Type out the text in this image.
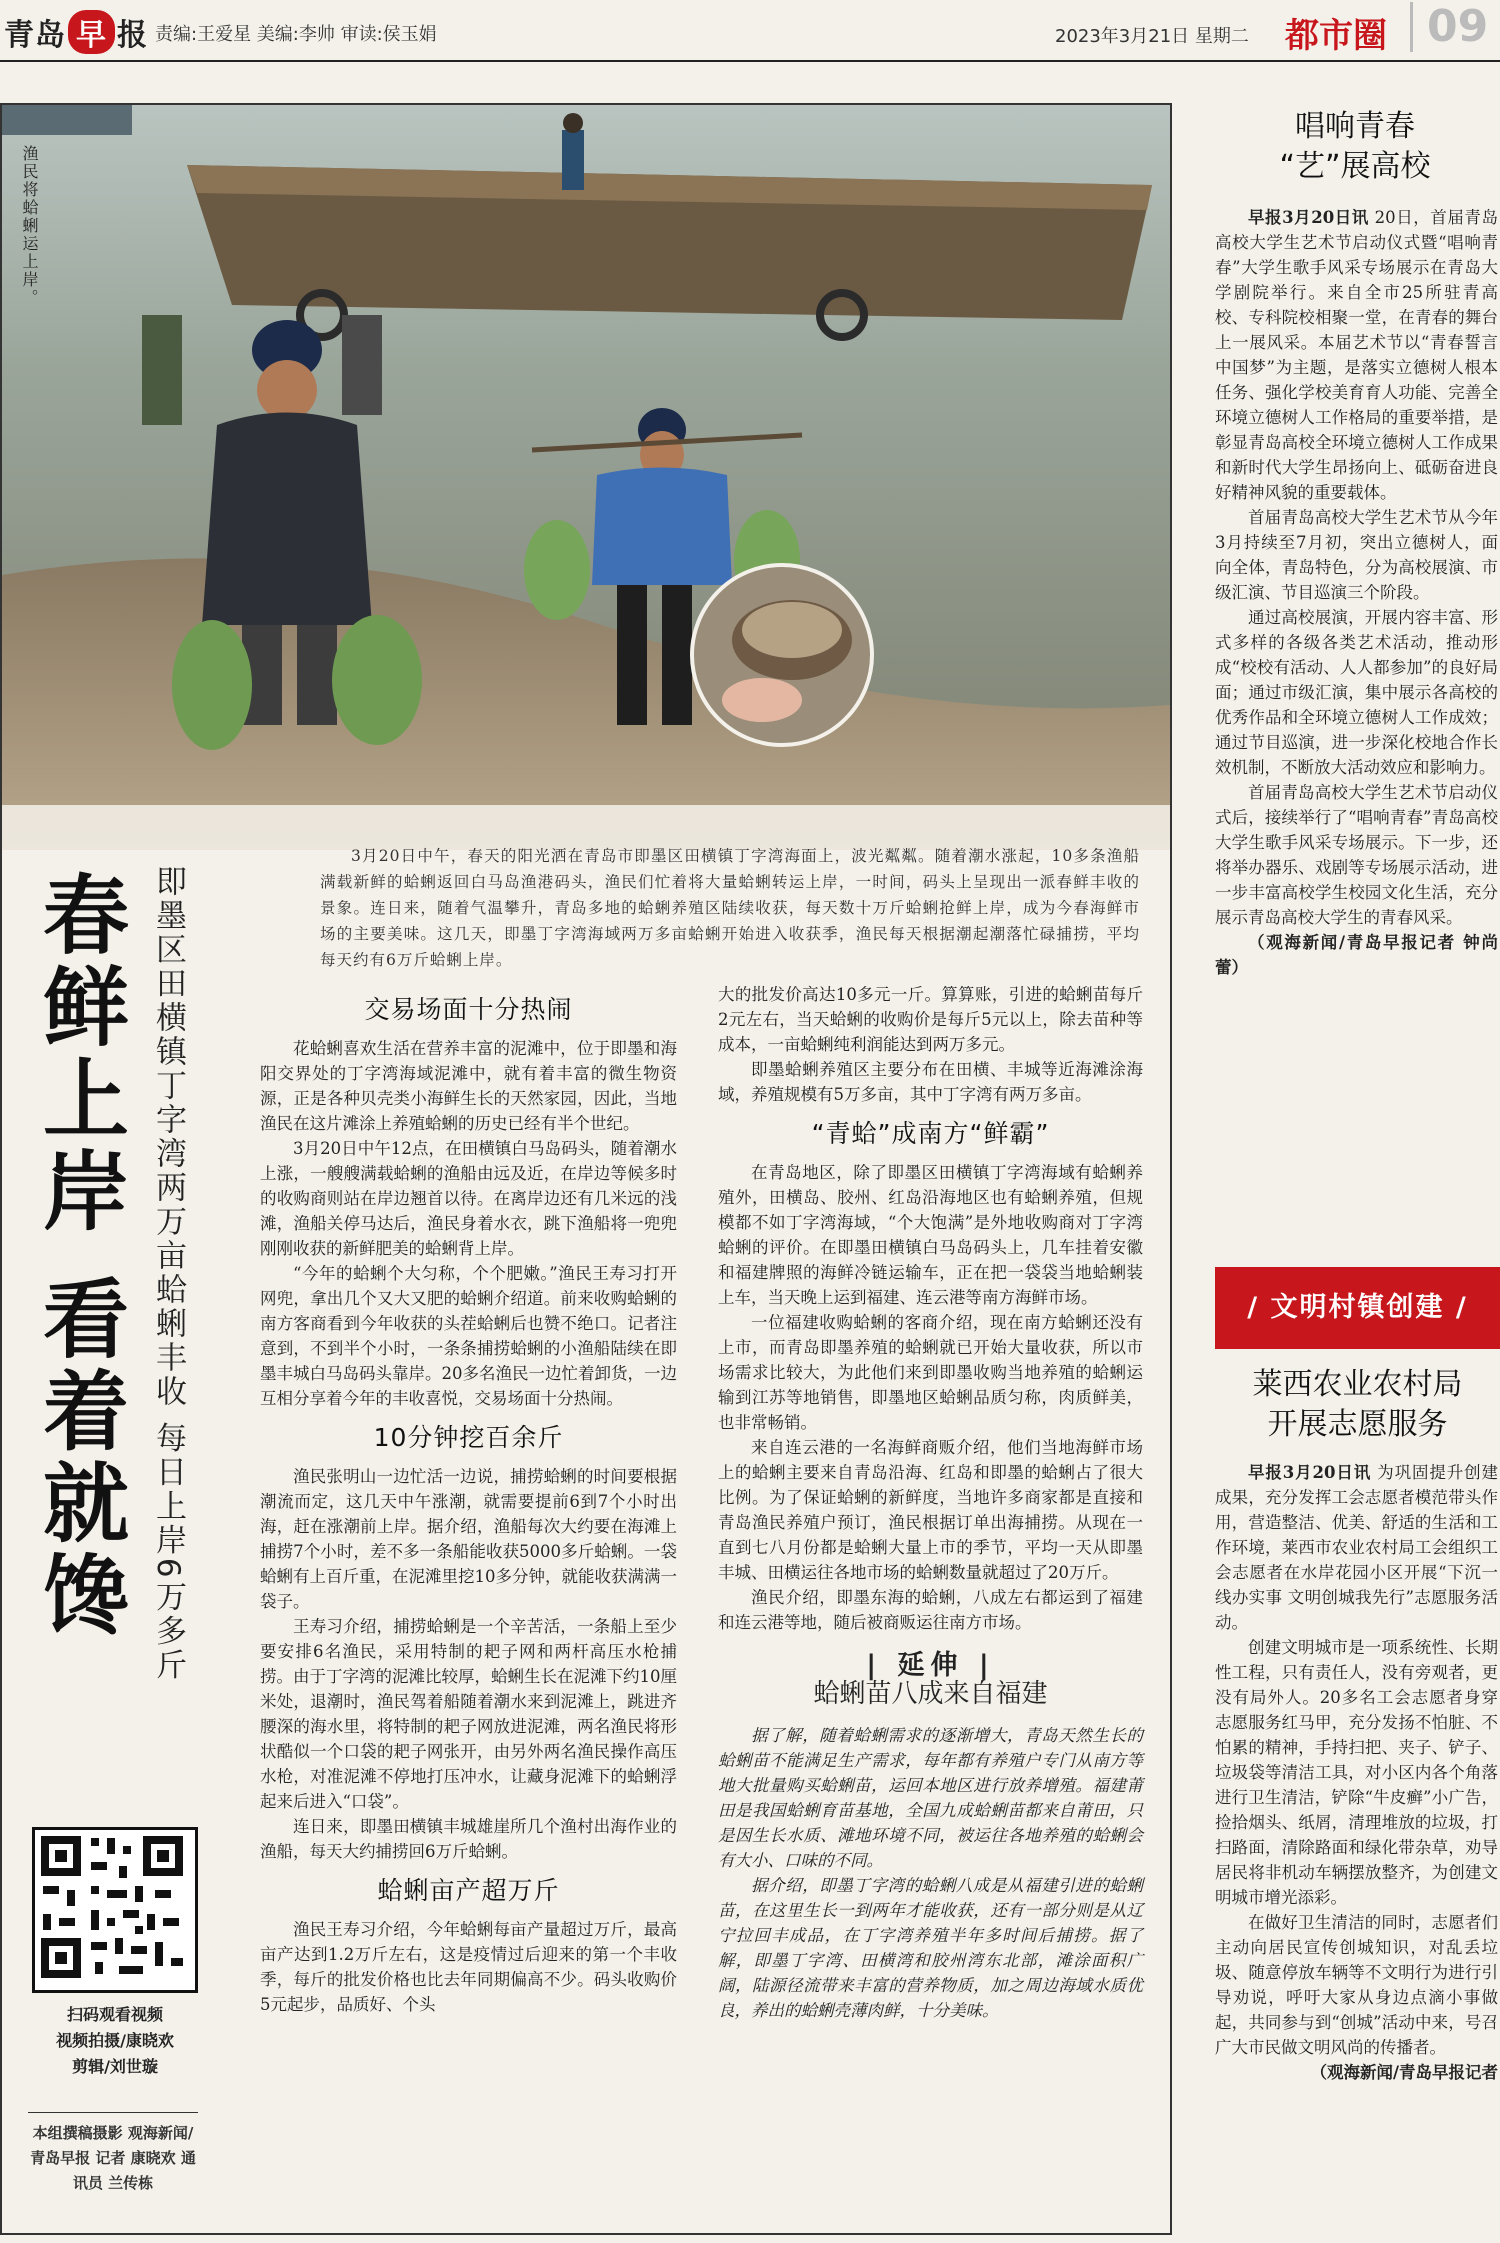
青岛 早 报 责编:王爱星 美编:李帅 审读:侯玉娟	2023年3月21日 星期二 都市圈 09
渔民将蛤蜊运上岸。
3月20日中午，春天的阳光洒在青岛市即墨区田横镇丁字湾海面上，波光粼粼。随着潮水涨起，10多条渔船满载新鲜的蛤蜊返回白马岛渔港码头，渔民们忙着将大量蛤蜊转运上岸，一时间，码头上呈现出一派春鲜丰收的景象。连日来，随着气温攀升，青岛多地的蛤蜊养殖区陆续收获，每天数十万斤蛤蜊抢鲜上岸，成为今春海鲜市场的主要美味。这几天，即墨丁字湾海域两万多亩蛤蜊开始进入收获季，渔民每天根据潮起潮落忙碌捕捞，平均每天约有6万斤蛤蜊上岸。
春鲜上岸 看着就馋 即墨区田横镇丁字湾两万亩蛤蜊丰收 每日上岸6万多斤
扫码观看视频
视频拍摄/康晓欢
剪辑/刘世璇
本组撰稿摄影 观海新闻/青岛早报 记者 康晓欢 通讯员 兰传栋
交易场面十分热闹

花蛤蜊喜欢生活在营养丰富的泥滩中，位于即墨和海阳交界处的丁字湾海域泥滩中，就有着丰富的微生物资源，正是各种贝壳类小海鲜生长的天然家园，因此，当地渔民在这片滩涂上养殖蛤蜊的历史已经有半个世纪。

3月20日中午12点，在田横镇白马岛码头，随着潮水上涨，一艘艘满载蛤蜊的渔船由远及近，在岸边等候多时的收购商则站在岸边翘首以待。在离岸边还有几米远的浅滩，渔船关停马达后，渔民身着水衣，跳下渔船将一兜兜刚刚收获的新鲜肥美的蛤蜊背上岸。

“今年的蛤蜊个大匀称，个个肥嫩。”渔民王寿习打开网兜，拿出几个又大又肥的蛤蜊介绍道。前来收购蛤蜊的南方客商看到今年收获的头茬蛤蜊后也赞不绝口。记者注意到，不到半个小时，一条条捕捞蛤蜊的小渔船陆续在即墨丰城白马岛码头靠岸。20多名渔民一边忙着卸货，一边互相分享着今年的丰收喜悦，交易场面十分热闹。

10分钟挖百余斤

渔民张明山一边忙活一边说，捕捞蛤蜊的时间要根据潮流而定，这几天中午涨潮，就需要提前6到7个小时出海，赶在涨潮前上岸。据介绍，渔船每次大约要在海滩上捕捞7个小时，差不多一条船能收获5000多斤蛤蜊。一袋蛤蜊有上百斤重，在泥滩里挖10多分钟，就能收获满满一袋子。

王寿习介绍，捕捞蛤蜊是一个辛苦活，一条船上至少要安排6名渔民，采用特制的耙子网和两杆高压水枪捕捞。由于丁字湾的泥滩比较厚，蛤蜊生长在泥滩下约10厘米处，退潮时，渔民驾着船随着潮水来到泥滩上，跳进齐腰深的海水里，将特制的耙子网放进泥滩，两名渔民将形状酷似一个口袋的耙子网张开，由另外两名渔民操作高压水枪，对准泥滩不停地打压冲水，让藏身泥滩下的蛤蜊浮起来后进入“口袋”。

连日来，即墨田横镇丰城雄崖所几个渔村出海作业的渔船，每天大约捕捞回6万斤蛤蜊。

蛤蜊亩产超万斤

渔民王寿习介绍，今年蛤蜊每亩产量超过万斤，最高亩产达到1.2万斤左右，这是疫情过后迎来的第一个丰收季，每斤的批发价格也比去年同期偏高不少。码头收购价5元起步，品质好、个头

大的批发价高达10多元一斤。算算账，引进的蛤蜊苗每斤2元左右，当天蛤蜊的收购价是每斤5元以上，除去苗种等成本，一亩蛤蜊纯利润能达到两万多元。

即墨蛤蜊养殖区主要分布在田横、丰城等近海滩涂海域，养殖规模有5万多亩，其中丁字湾有两万多亩。

“青蛤”成南方“鲜霸”

在青岛地区，除了即墨区田横镇丁字湾海域有蛤蜊养殖外，田横岛、胶州、红岛沿海地区也有蛤蜊养殖，但规模都不如丁字湾海域，“个大饱满”是外地收购商对丁字湾蛤蜊的评价。在即墨田横镇白马岛码头上，几车挂着安徽和福建牌照的海鲜冷链运输车，正在把一袋袋当地蛤蜊装上车，当天晚上运到福建、连云港等南方海鲜市场。

一位福建收购蛤蜊的客商介绍，现在南方蛤蜊还没有上市，而青岛即墨养殖的蛤蜊就已开始大量收获，所以市场需求比较大，为此他们来到即墨收购当地养殖的蛤蜊运输到江苏等地销售，即墨地区蛤蜊品质匀称，肉质鲜美，也非常畅销。

来自连云港的一名海鲜商贩介绍，他们当地海鲜市场上的蛤蜊主要来自青岛沿海、红岛和即墨的蛤蜊占了很大比例。为了保证蛤蜊的新鲜度，当地许多商家都是直接和青岛渔民养殖户预订，渔民根据订单出海捕捞。从现在一直到七八月份都是蛤蜊大量上市的季节，平均一天从即墨丰城、田横运往各地市场的蛤蜊数量就超过了20万斤。

渔民介绍，即墨东海的蛤蜊，八成左右都运到了福建和连云港等地，随后被商贩运往南方市场。

| 延伸 |
蛤蜊苗八成来自福建

据了解，随着蛤蜊需求的逐渐增大，青岛天然生长的蛤蜊苗不能满足生产需求，每年都有养殖户专门从南方等地大批量购买蛤蜊苗，运回本地区进行放养增殖。福建莆田是我国蛤蜊育苗基地，全国九成蛤蜊苗都来自莆田，只是因生长水质、滩地环境不同，被运往各地养殖的蛤蜊会有大小、口味的不同。

据介绍，即墨丁字湾的蛤蜊八成是从福建引进的蛤蜊苗，在这里生长一到两年才能收获，还有一部分则是从辽宁拉回丰成品，在丁字湾养殖半年多时间后捕捞。据了解，即墨丁字湾、田横湾和胶州湾东北部，滩涂面积广阔，陆源径流带来丰富的营养物质，加之周边海域水质优良，养出的蛤蜊壳薄肉鲜，十分美味。

唱响青春
“艺”展高校

早报3月20日讯 20日，首届青岛高校大学生艺术节启动仪式暨“唱响青春”大学生歌手风采专场展示在青岛大学剧院举行。来自全市25所驻青高校、专科院校相聚一堂，在青春的舞台上一展风采。本届艺术节以“青春誓言中国梦”为主题，是落实立德树人根本任务、强化学校美育育人功能、完善全环境立德树人工作格局的重要举措，是彰显青岛高校全环境立德树人工作成果和新时代大学生昂扬向上、砥砺奋进良好精神风貌的重要载体。

首届青岛高校大学生艺术节从今年3月持续至7月初，突出立德树人，面向全体，青岛特色，分为高校展演、市级汇演、节目巡演三个阶段。

通过高校展演，开展内容丰富、形式多样的各级各类艺术活动，推动形成“校校有活动、人人都参加”的良好局面；通过市级汇演，集中展示各高校的优秀作品和全环境立德树人工作成效；通过节目巡演，进一步深化校地合作长效机制，不断放大活动效应和影响力。

首届青岛高校大学生艺术节启动仪式后，接续举行了“唱响青春”青岛高校大学生歌手风采专场展示。下一步，还将举办器乐、戏剧等专场展示活动，进一步丰富高校学生校园文化生活，充分展示青岛高校大学生的青春风采。

（观海新闻/青岛早报记者 钟尚蕾）

/ 文明村镇创建 /
莱西农业农村局
开展志愿服务

早报3月20日讯 为巩固提升创建成果，充分发挥工会志愿者模范带头作用，营造整洁、优美、舒适的生活和工作环境，莱西市农业农村局工会组织工会志愿者在水岸花园小区开展“下沉一线办实事 文明创城我先行”志愿服务活动。

创建文明城市是一项系统性、长期性工程，只有责任人，没有旁观者，更没有局外人。20多名工会志愿者身穿志愿服务红马甲，充分发扬不怕脏、不怕累的精神，手持扫把、夹子、铲子、垃圾袋等清洁工具，对小区内各个角落进行卫生清洁，铲除“牛皮癣”小广告，捡拾烟头、纸屑，清理堆放的垃圾，打扫路面，清除路面和绿化带杂草，劝导居民将非机动车辆摆放整齐，为创建文明城市增光添彩。

在做好卫生清洁的同时，志愿者们主动向居民宣传创城知识，对乱丢垃圾、随意停放车辆等不文明行为进行引导劝说，呼吁大家从身边点滴小事做起，共同参与到“创城”活动中来，号召广大市民做文明风尚的传播者。

（观海新闻/青岛早报记者
